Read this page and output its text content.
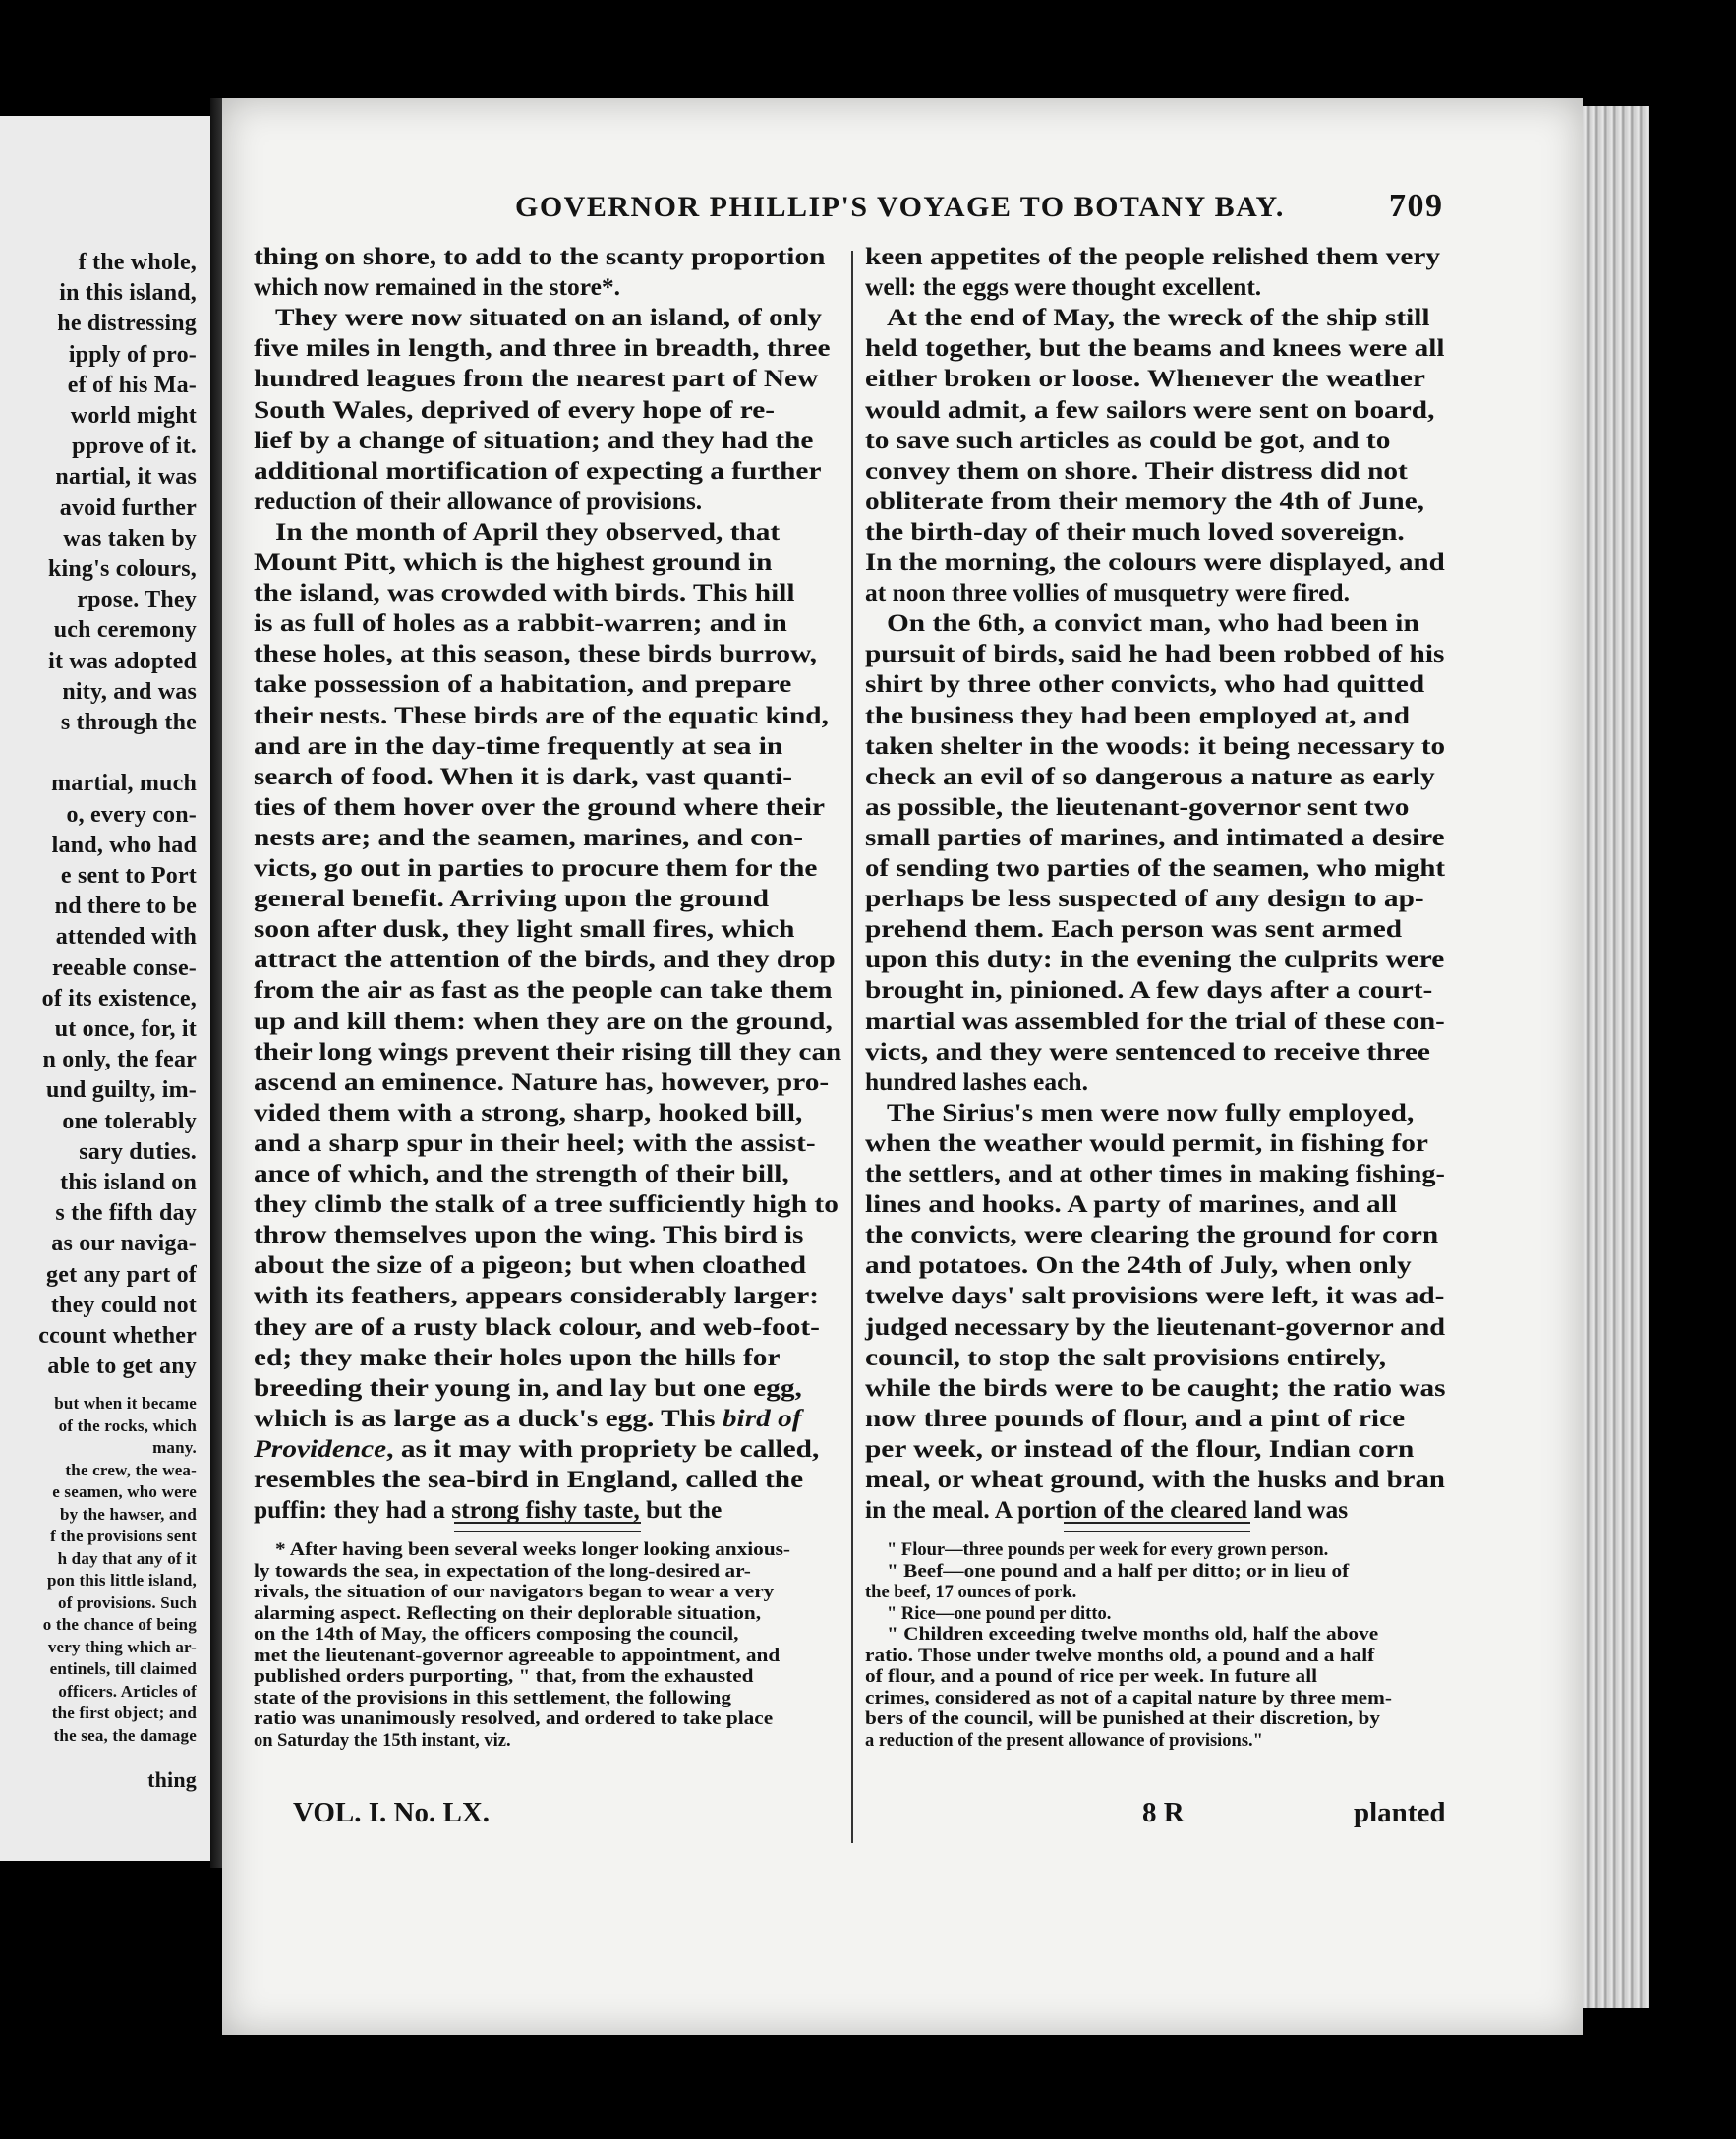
f the whole,
in this island,
he distressing
ipply of pro-
ef of his Ma-
world might
pprove of it.
nartial, it was
avoid further
was taken by
king's colours,
rpose. They
uch ceremony
it was adopted
nity, and was
s through the
martial, much
o, every con-
land, who had
e sent to Port
nd there to be
attended with
reeable conse-
of its existence,
ut once, for, it
n only, the fear
und guilty, im-
one tolerably
sary duties.
this island on
s the fifth day
as our naviga-
get any part of
they could not
ccount whether
able to get any
but when it became
of the rocks, which
many.
the crew, the wea-
e seamen, who were
by the hawser, and
f the provisions sent
h day that any of it
pon this little island,
of provisions. Such
o the chance of being
very thing which ar-
entinels, till claimed
officers. Articles of
the first object; and
the sea, the damage
thing
GOVERNOR PHILLIP'S VOYAGE TO BOTANY BAY.	709
thing on shore, to add to the scanty proportion
which now remained in the store*.
They were now situated on an island, of only
five miles in length, and three in breadth, three
hundred leagues from the nearest part of New
South Wales, deprived of every hope of re-
lief by a change of situation; and they had the
additional mortification of expecting a further
reduction of their allowance of provisions.
In the month of April they observed, that
Mount Pitt, which is the highest ground in
the island, was crowded with birds. This hill
is as full of holes as a rabbit-warren; and in
these holes, at this season, these birds burrow,
take possession of a habitation, and prepare
their nests. These birds are of the equatic kind,
and are in the day-time frequently at sea in
search of food. When it is dark, vast quanti-
ties of them hover over the ground where their
nests are; and the seamen, marines, and con-
victs, go out in parties to procure them for the
general benefit. Arriving upon the ground
soon after dusk, they light small fires, which
attract the attention of the birds, and they drop
from the air as fast as the people can take them
up and kill them: when they are on the ground,
their long wings prevent their rising till they can
ascend an eminence. Nature has, however, pro-
vided them with a strong, sharp, hooked bill,
and a sharp spur in their heel; with the assist-
ance of which, and the strength of their bill,
they climb the stalk of a tree sufficiently high to
throw themselves upon the wing. This bird is
about the size of a pigeon; but when cloathed
with its feathers, appears considerably larger:
they are of a rusty black colour, and web-foot-
ed; they make their holes upon the hills for
breeding their young in, and lay but one egg,
which is as large as a duck's egg. This bird of
Providence, as it may with propriety be called,
resembles the sea-bird in England, called the
puffin: they had a strong fishy taste, but the
keen appetites of the people relished them very
well: the eggs were thought excellent.
At the end of May, the wreck of the ship still
held together, but the beams and knees were all
either broken or loose. Whenever the weather
would admit, a few sailors were sent on board,
to save such articles as could be got, and to
convey them on shore. Their distress did not
obliterate from their memory the 4th of June,
the birth-day of their much loved sovereign.
In the morning, the colours were displayed, and
at noon three vollies of musquetry were fired.
On the 6th, a convict man, who had been in
pursuit of birds, said he had been robbed of his
shirt by three other convicts, who had quitted
the business they had been employed at, and
taken shelter in the woods: it being necessary to
check an evil of so dangerous a nature as early
as possible, the lieutenant-governor sent two
small parties of marines, and intimated a desire
of sending two parties of the seamen, who might
perhaps be less suspected of any design to ap-
prehend them. Each person was sent armed
upon this duty: in the evening the culprits were
brought in, pinioned. A few days after a court-
martial was assembled for the trial of these con-
victs, and they were sentenced to receive three
hundred lashes each.
The Sirius's men were now fully employed,
when the weather would permit, in fishing for
the settlers, and at other times in making fishing-
lines and hooks. A party of marines, and all
the convicts, were clearing the ground for corn
and potatoes. On the 24th of July, when only
twelve days' salt provisions were left, it was ad-
judged necessary by the lieutenant-governor and
council, to stop the salt provisions entirely,
while the birds were to be caught; the ratio was
now three pounds of flour, and a pint of rice
per week, or instead of the flour, Indian corn
meal, or wheat ground, with the husks and bran
in the meal. A portion of the cleared land was
* After having been several weeks longer looking anxious-
ly towards the sea, in expectation of the long-desired ar-
rivals, the situation of our navigators began to wear a very
alarming aspect. Reflecting on their deplorable situation,
on the 14th of May, the officers composing the council,
met the lieutenant-governor agreeable to appointment, and
published orders purporting, " that, from the exhausted
state of the provisions in this settlement, the following
ratio was unanimously resolved, and ordered to take place
on Saturday the 15th instant, viz.
" Flour—three pounds per week for every grown person.
" Beef—one pound and a half per ditto; or in lieu of
the beef, 17 ounces of pork.
" Rice—one pound per ditto.
" Children exceeding twelve months old, half the above
ratio. Those under twelve months old, a pound and a half
of flour, and a pound of rice per week. In future all
crimes, considered as not of a capital nature by three mem-
bers of the council, will be punished at their discretion, by
a reduction of the present allowance of provisions."
VOL. I. No. LX.	8 R	planted
